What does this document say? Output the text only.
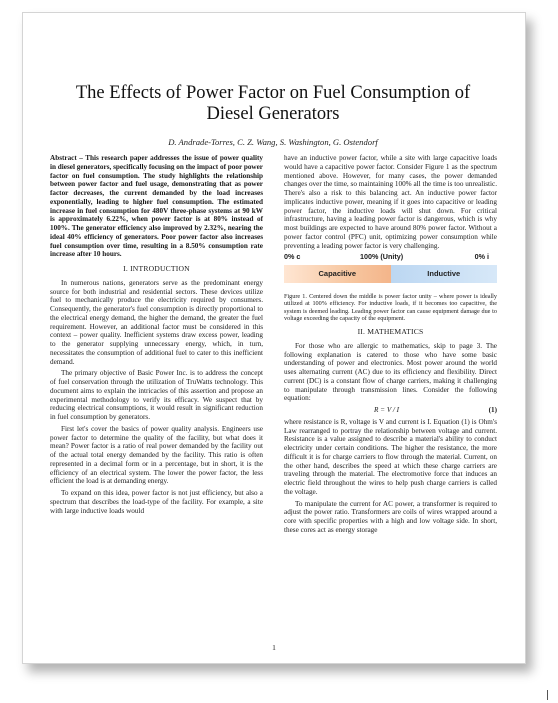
The Effects of Power Factor on Fuel Consumption of Diesel Generators
D. Andrade-Torres, C. Z. Wang, S. Washington, G. Ostendorf

Abstract – This research paper addresses the issue of power quality in diesel generators, specifically focusing on the impact of poor power factor on fuel consumption. The study highlights the relationship between power factor and fuel usage, demonstrating that as power factor decreases, the current demanded by the load increases exponentially, leading to higher fuel consumption. The estimated increase in fuel consumption for 480V three-phase systems at 90 kW is approximately 6.22%, when power factor is at 80% instead of 100%. The generator efficiency also improved by 2.32%, nearing the ideal 40% efficiency of generators. Poor power factor also increases fuel consumption over time, resulting in a 8.50% consumption rate increase after 10 hours.

I. INTRODUCTION

In numerous nations, generators serve as the predominant energy source for both industrial and residential sectors. These devices utilize fuel to mechanically produce the electricity required by consumers. Consequently, the generator's fuel consumption is directly proportional to the electrical energy demand, the higher the demand, the greater the fuel requirement. However, an additional factor must be considered in this context – power quality. Inefficient systems draw excess power, leading to the generator supplying unnecessary energy, which, in turn, necessitates the consumption of additional fuel to cater to this inefficient demand.

The primary objective of Basic Power Inc. is to address the concept of fuel conservation through the utilization of TruWatts technology. This document aims to explain the intricacies of this assertion and propose an experimental methodology to verify its efficacy. We suspect that by reducing electrical consumptions, it would result in significant reduction in fuel consumption by generators.

First let's cover the basics of power quality analysis. Engineers use power factor to determine the quality of the facility, but what does it mean? Power factor is a ratio of real power demanded by the facility out of the actual total energy demanded by the facility. This ratio is often represented in a decimal form or in a percentage, but in short, it is the efficiency of an electrical system. The lower the power factor, the less efficient the load is at demanding energy.

To expand on this idea, power factor is not just efficiency, but also a spectrum that describes the load-type of the facility. For example, a site with large inductive loads would

have an inductive power factor, while a site with large capacitive loads would have a capacitive power factor. Consider Figure 1 as the spectrum mentioned above. However, for many cases, the power demanded changes over the time, so maintaining 100% all the time is too unrealistic. There's also a risk to this balancing act. An inductive power factor implicates inductive power, meaning if it goes into capacitive or leading power factor, the inductive loads will shut down. For critical infrastructure, having a leading power factor is dangerous, which is why most buildings are expected to have around 80% power factor. Without a power factor control (PFC) unit, optimizing power consumption while preventing a leading power factor is very challenging.

0% c	100% (Unity)	0% i
Capacitive	Inductive

Figure 1. Centered down the middle is power factor unity – where power is ideally utilized at 100% efficiency. For inductive loads, if it becomes too capacitive, the system is deemed leading. Leading power factor can cause equipment damage due to voltage exceeding the capacity of the equipment.

II. MATHEMATICS

For those who are allergic to mathematics, skip to page 3. The following explanation is catered to those who have some basic understanding of power and electronics. Most power around the world uses alternating current (AC) due to its efficiency and flexibility. Direct current (DC) is a constant flow of charge carriers, making it challenging to manipulate through transmission lines. Consider the following equation:

R = V / I	(1)

where resistance is R, voltage is V and current is I. Equation (1) is Ohm's Law rearranged to portray the relationship between voltage and current. Resistance is a value assigned to describe a material's ability to conduct electricity under certain conditions. The higher the resistance, the more difficult it is for charge carriers to flow through the material. Current, on the other hand, describes the speed at which these charge carriers are traveling through the material. The electromotive force that induces an electric field throughout the wires to help push charge carriers is called the voltage.

To manipulate the current for AC power, a transformer is required to adjust the power ratio. Transformers are coils of wires wrapped around a core with specific properties with a high and low voltage side. In short, these cores act as energy storage

1
